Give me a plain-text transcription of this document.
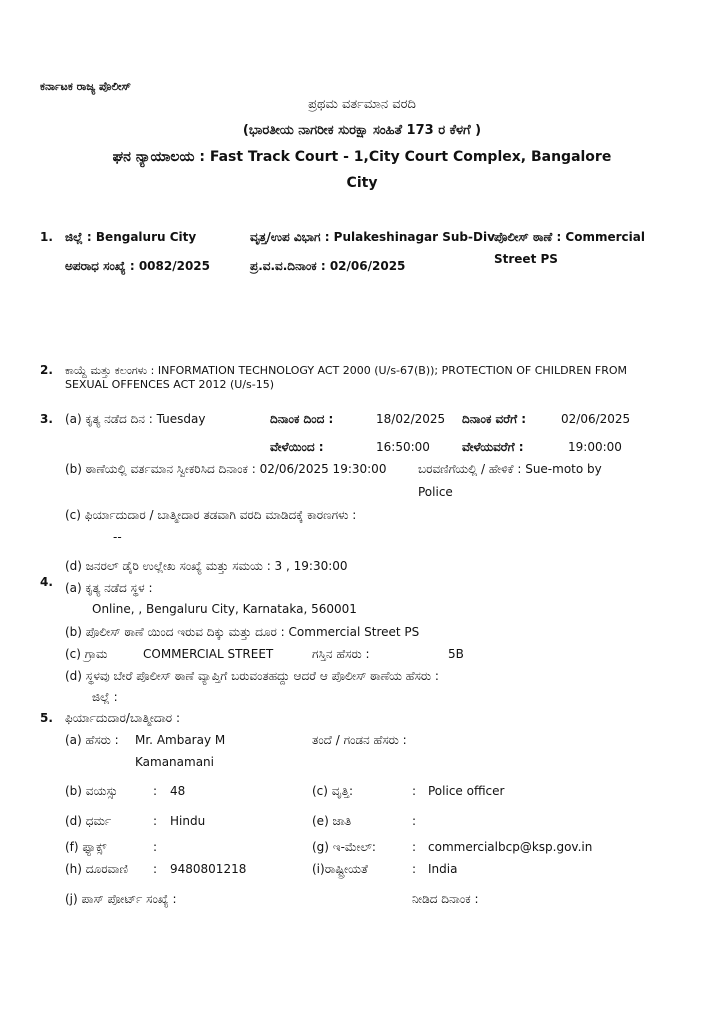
ಕರ್ನಾಟಕ ರಾಜ್ಯ ಪೊಲೀಸ್
ಪ್ರಥಮ ವರ್ತಮಾನ ವರದಿ
(ಭಾರತೀಯ ನಾಗರೀಕ ಸುರಕ್ಷಾ ಸಂಹಿತೆ 173 ರ ಕೆಳಗೆ )
ಘನ ನ್ಯಾಯಾಲಯ : Fast Track Court - 1,City Court Complex, Bangalore
City
1. ಜಿಲ್ಲೆ : Bengaluru City	ವೃತ್ತ/ಉಪ ವಿಭಾಗ : Pulakeshinagar Sub-Div ಪೊಲೀಸ್ ಠಾಣೆ : Commercial
Street PS
ಅಪರಾಧ ಸಂಖ್ಯೆ : 0082/2025	ಪ್ರ.ವ.ವ.ದಿನಾಂಕ : 02/06/2025
2. ಕಾಯ್ದೆ ಮತ್ತು ಕಲಂಗಳು : INFORMATION TECHNOLOGY ACT 2000 (U/s-67(B)); PROTECTION OF CHILDREN FROM
SEXUAL OFFENCES ACT 2012 (U/s-15)
3. (a) ಕೃತ್ಯ ನಡೆದ ದಿನ : Tuesday	ದಿನಾಂಕ ದಿಂದ :	18/02/2025 ದಿನಾಂಕ ವರೆಗೆ :	02/06/2025
ವೇಳೆಯಿಂದ :	16:50:00	ವೇಳೆಯವರೆಗೆ :	19:00:00
(b) ಠಾಣೆಯಲ್ಲಿ ವರ್ತಮಾನ ಸ್ವೀಕರಿಸಿದ ದಿನಾಂಕ : 02/06/2025 19:30:00	ಬರವಣಿಗೆಯಲ್ಲಿ / ಹೇಳಿಕೆ : Sue-moto by
Police
(c) ಫಿರ್ಯಾದುದಾರ / ಬಾತ್ಮೀದಾರ ತಡವಾಗಿ ವರದಿ ಮಾಡಿದಕ್ಕೆ ಕಾರಣಗಳು :
--
(d) ಜನರಲ್ ಡೈರಿ ಉಲ್ಲೇಖ ಸಂಖ್ಯೆ ಮತ್ತು ಸಮಯ : 3 , 19:30:00
4. (a) ಕೃತ್ಯ ನಡೆದ ಸ್ಥಳ :
Online, , Bengaluru City, Karnataka, 560001
(b) ಪೊಲೀಸ್ ಠಾಣೆ ಯಿಂದ ಇರುವ ದಿಕ್ಕು ಮತ್ತು ದೂರ : Commercial Street PS
(c) ಗ್ರಾಮ	COMMERCIAL STREET	ಗಸ್ತಿನ ಹೆಸರು :	5B
(d) ಸ್ಥಳವು ಬೇರೆ ಪೊಲೀಸ್ ಠಾಣೆ ವ್ಯಾಪ್ತಿಗೆ ಬರುವಂತಹದ್ದು ಆದರೆ ಆ ಪೊಲೀಸ್ ಠಾಣೆಯ ಹೆಸರು :
ಜಿಲ್ಲೆ :
5. ಫಿರ್ಯಾದುದಾರ/ಬಾತ್ಮೀದಾರ :
(a) ಹೆಸರು : Mr. Ambaray M
Kamanamani
ತಂದೆ / ಗಂಡನ ಹೆಸರು :
(b) ವಯಸ್ಸು	: 48	(c) ವೃತ್ತಿ:	: Police officer
(d) ಧರ್ಮ	: Hindu	(e) ಜಾತಿ	:
(f) ಫ್ಯಾಕ್ಸ್	:	(g) ಇ-ಮೇಲ್:	: commercialbcp@ksp.gov.in
(h) ದೂರವಾಣಿ : 9480801218	(i)ರಾಷ್ಟ್ರೀಯತೆ	: India
(j) ಪಾಸ್ ಪೋರ್ಟ್ ಸಂಖ್ಯೆ :	ನೀಡಿದ ದಿನಾಂಕ :
